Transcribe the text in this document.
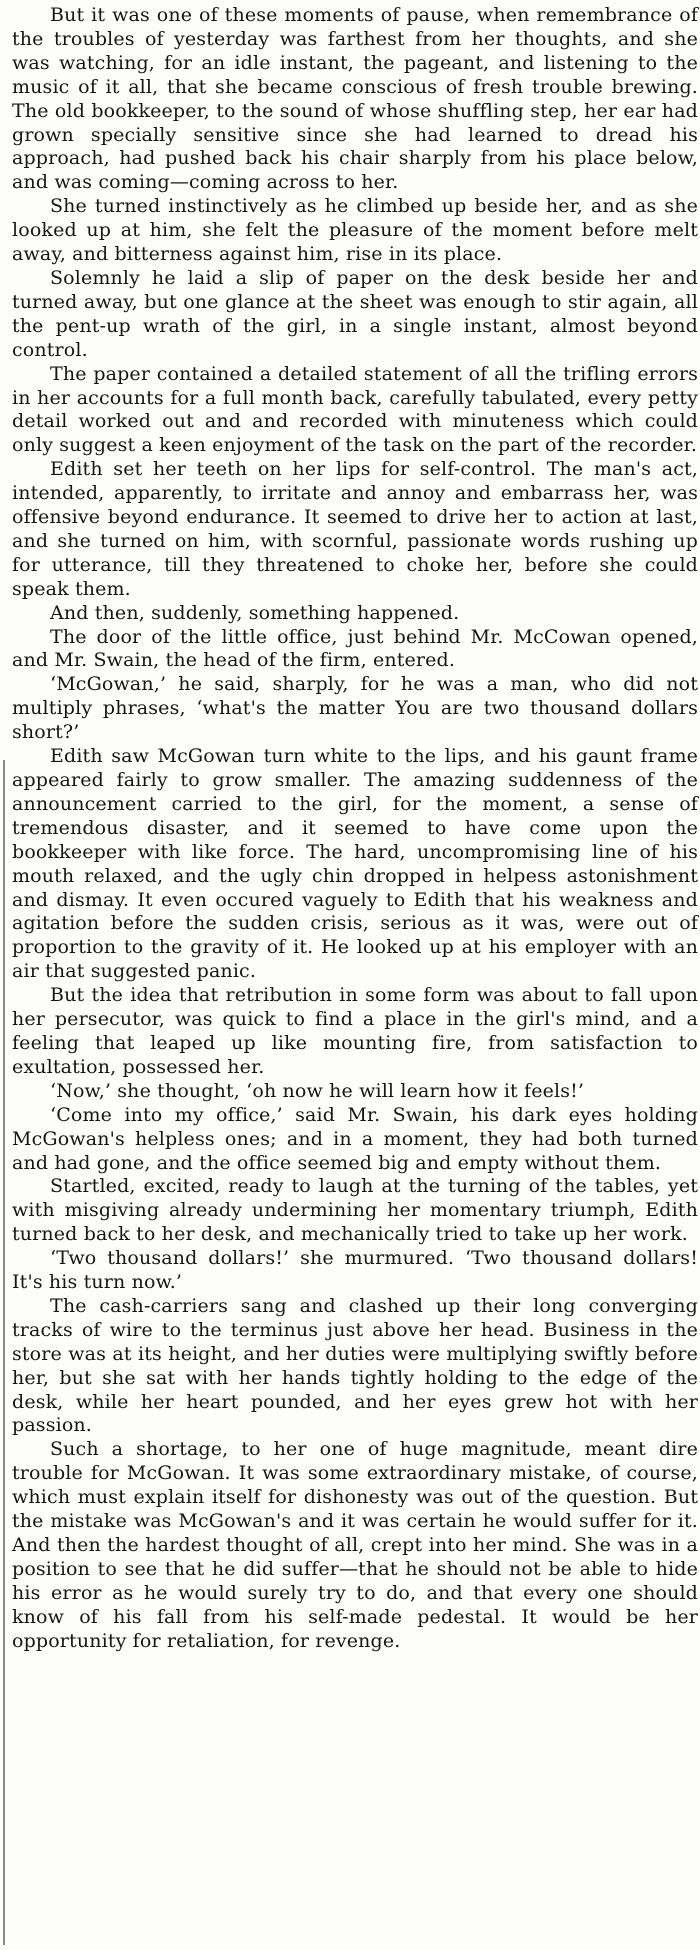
But it was one of these moments of pause, when remembrance of the troubles of yesterday was farthest from her thoughts, and she was watching, for an idle instant, the pageant, and listening to the music of it all, that she became conscious of fresh trouble brewing. The old bookkeeper, to the sound of whose shuffling step, her ear had grown specially sensitive since she had learned to dread his approach, had pushed back his chair sharply from his place below, and was coming—coming across to her.

She turned instinctively as he climbed up beside her, and as she looked up at him, she felt the pleasure of the moment before melt away, and bitterness against him, rise in its place.

Solemnly he laid a slip of paper on the desk beside her and turned away, but one glance at the sheet was enough to stir again, all the pent-up wrath of the girl, in a single instant, almost beyond control.

The paper contained a detailed statement of all the trifling errors in her accounts for a full month back, carefully tabulated, every petty detail worked out and and recorded with minuteness which could only suggest a keen enjoyment of the task on the part of the recorder.

Edith set her teeth on her lips for self-control. The man's act, intended, apparently, to irritate and annoy and embarrass her, was offensive beyond endurance. It seemed to drive her to action at last, and she turned on him, with scornful, passionate words rushing up for utterance, till they threatened to choke her, before she could speak them.

And then, suddenly, something happened.

The door of the little office, just behind Mr. McCowan opened, and Mr. Swain, the head of the firm, entered.

‘McGowan,’ he said, sharply, for he was a man, who did not multiply phrases, ‘what's the matter You are two thousand dollars short?’

Edith saw McGowan turn white to the lips, and his gaunt frame appeared fairly to grow smaller. The amazing suddenness of the announcement carried to the girl, for the moment, a sense of tremendous disaster, and it seemed to have come upon the bookkeeper with like force. The hard, uncompromising line of his mouth relaxed, and the ugly chin dropped in helpess astonishment and dismay. It even occured vaguely to Edith that his weakness and agitation before the sudden crisis, serious as it was, were out of proportion to the gravity of it. He looked up at his employer with an air that suggested panic.

But the idea that retribution in some form was about to fall upon her persecutor, was quick to find a place in the girl's mind, and a feeling that leaped up like mounting fire, from satisfaction to exultation, possessed her.

‘Now,’ she thought, ‘oh now he will learn how it feels!’

‘Come into my office,’ said Mr. Swain, his dark eyes holding McGowan's helpless ones; and in a moment, they had both turned and had gone, and the office seemed big and empty without them.

Startled, excited, ready to laugh at the turning of the tables, yet with misgiving already undermining her momentary triumph, Edith turned back to her desk, and mechanically tried to take up her work.

‘Two thousand dollars!’ she murmured. ‘Two thousand dollars! It's his turn now.’

The cash-carriers sang and clashed up their long converging tracks of wire to the terminus just above her head. Business in the store was at its height, and her duties were multiplying swiftly before her, but she sat with her hands tightly holding to the edge of the desk, while her heart pounded, and her eyes grew hot with her passion.

Such a shortage, to her one of huge magnitude, meant dire trouble for McGowan. It was some extraordinary mistake, of course, which must explain itself for dishonesty was out of the question. But the mistake was McGowan's and it was certain he would suffer for it. And then the hardest thought of all, crept into her mind. She was in a position to see that he did suffer—that he should not be able to hide his error as he would surely try to do, and that every one should know of his fall from his self-made pedestal. It would be her opportunity for retaliation, for revenge.
